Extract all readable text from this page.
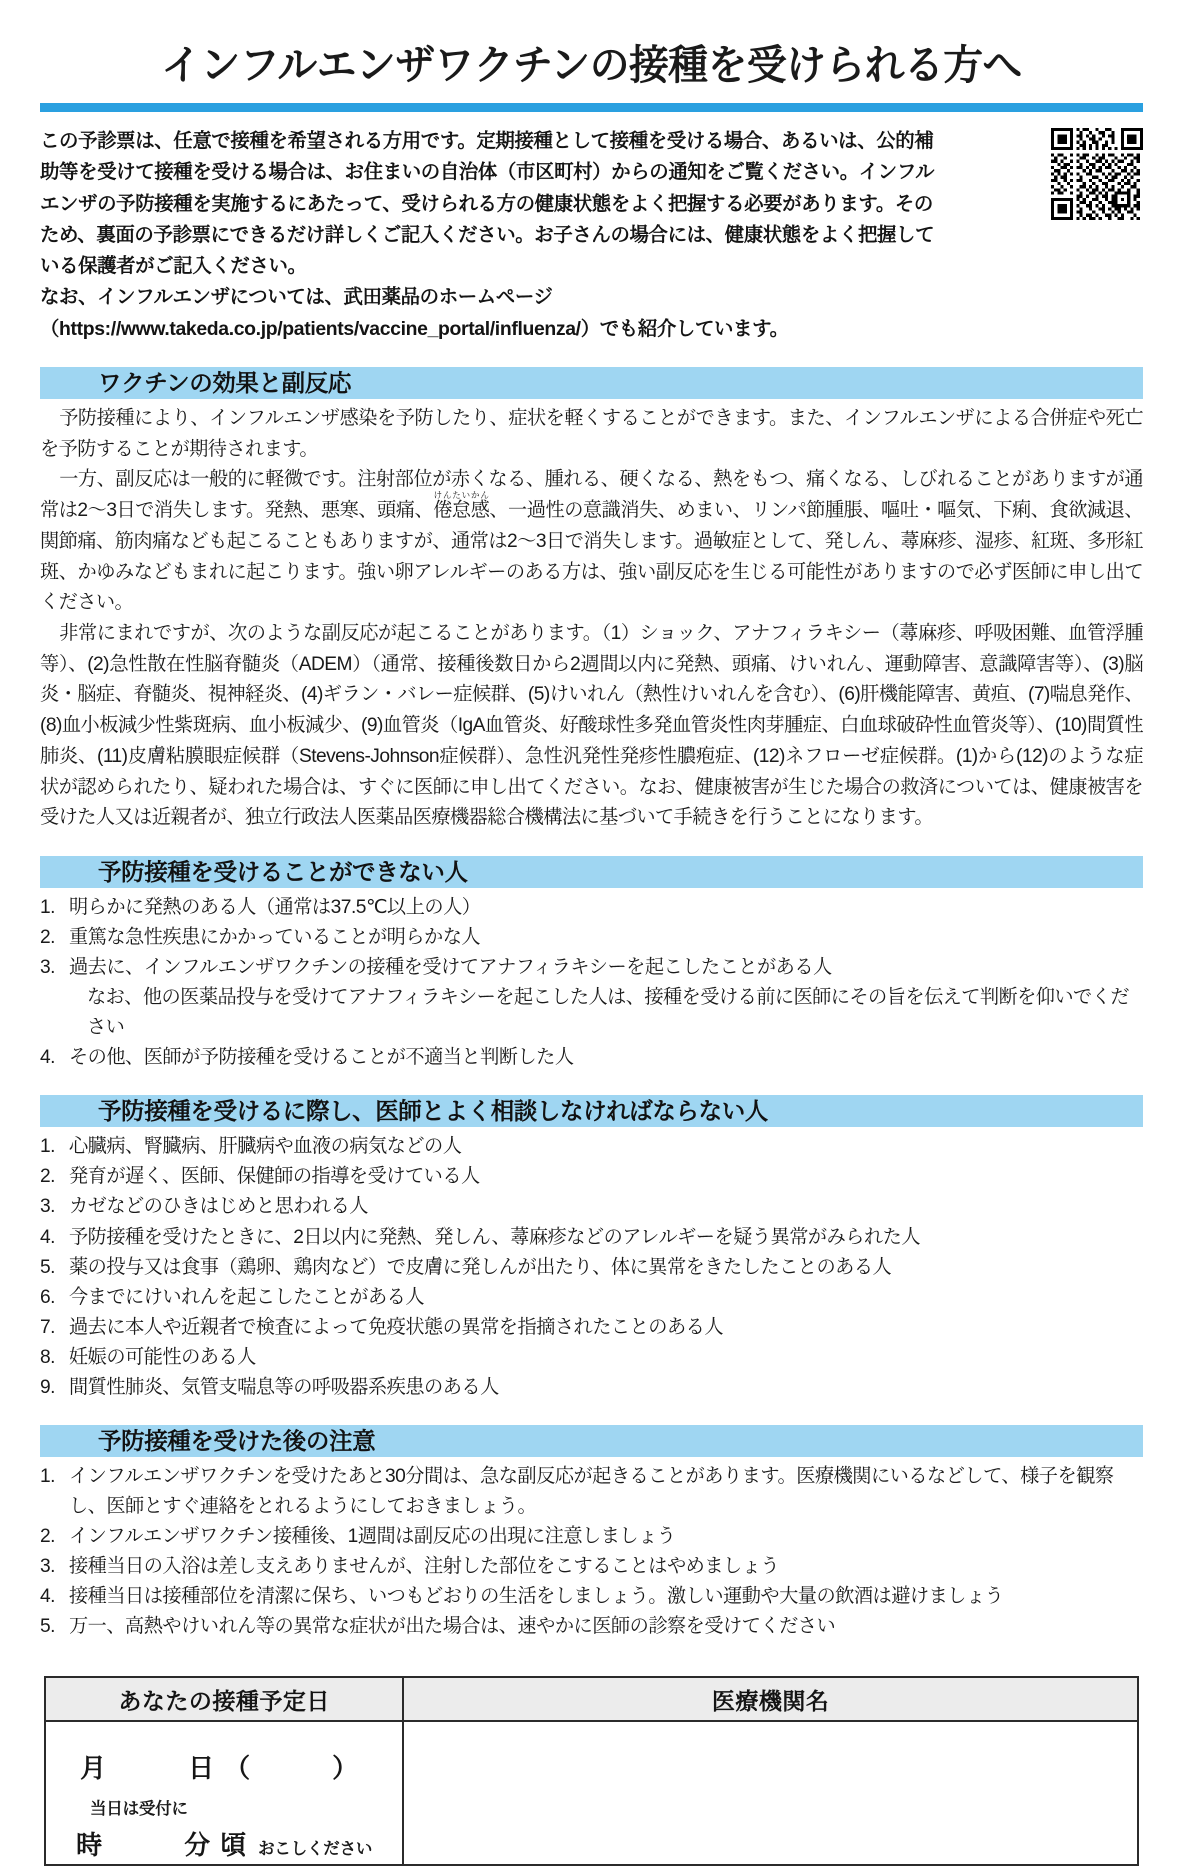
インフルエンザワクチンの接種を受けられる方へ

この予診票は、任意で接種を希望される方用です。定期接種として接種を受ける場合、あるいは、公的補助等を受けて接種を受ける場合は、お住まいの自治体（市区町村）からの通知をご覧ください。インフルエンザの予防接種を実施するにあたって、受けられる方の健康状態をよく把握する必要があります。そのため、裏面の予診票にできるだけ詳しくご記入ください。お子さんの場合には、健康状態をよく把握している保護者がご記入ください。

なお、インフルエンザについては、武田薬品のホームページ（https://www.takeda.co.jp/patients/vaccine_portal/influenza/）でも紹介しています。

ワクチンの効果と副反応

予防接種により、インフルエンザ感染を予防したり、症状を軽くすることができます。また、インフルエンザによる合併症や死亡を予防することが期待されます。

一方、副反応は一般的に軽微です。注射部位が赤くなる、腫れる、硬くなる、熱をもつ、痛くなる、しびれることがありますが通常は2〜3日で消失します。発熱、悪寒、頭痛、倦怠感けんたいかん、一過性の意識消失、めまい、リンパ節腫脹、嘔吐・嘔気、下痢、食欲減退、関節痛、筋肉痛なども起こることもありますが、通常は2〜3日で消失します。過敏症として、発しん、蕁麻疹、湿疹、紅斑、多形紅斑、かゆみなどもまれに起こります。強い卵アレルギーのある方は、強い副反応を生じる可能性がありますので必ず医師に申し出てください。

非常にまれですが、次のような副反応が起こることがあります。（1）ショック、アナフィラキシー（蕁麻疹、呼吸困難、血管浮腫等）、(2)急性散在性脳脊髄炎（ADEM）（通常、接種後数日から2週間以内に発熱、頭痛、けいれん、運動障害、意識障害等）、(3)脳炎・脳症、脊髄炎、視神経炎、(4)ギラン・バレー症候群、(5)けいれん（熱性けいれんを含む）、(6)肝機能障害、黄疸、(7)喘息発作、(8)血小板減少性紫斑病、血小板減少、(9)血管炎（IgA血管炎、好酸球性多発血管炎性肉芽腫症、白血球破砕性血管炎等）、(10)間質性肺炎、(11)皮膚粘膜眼症候群（Stevens-Johnson症候群）、急性汎発性発疹性膿疱症、(12)ネフローゼ症候群。(1)から(12)のような症状が認められたり、疑われた場合は、すぐに医師に申し出てください。なお、健康被害が生じた場合の救済については、健康被害を受けた人又は近親者が、独立行政法人医薬品医療機器総合機構法に基づいて手続きを行うことになります。

予防接種を受けることができない人
1. 明らかに発熱のある人（通常は37.5℃以上の人）
2. 重篤な急性疾患にかかっていることが明らかな人
3. 過去に、インフルエンザワクチンの接種を受けてアナフィラキシーを起こしたことがある人
なお、他の医薬品投与を受けてアナフィラキシーを起こした人は、接種を受ける前に医師にその旨を伝えて判断を仰いでください
4. その他、医師が予防接種を受けることが不適当と判断した人
予防接種を受けるに際し、医師とよく相談しなければならない人
1. 心臓病、腎臓病、肝臓病や血液の病気などの人
2. 発育が遅く、医師、保健師の指導を受けている人
3. カゼなどのひきはじめと思われる人
4. 予防接種を受けたときに、2日以内に発熱、発しん、蕁麻疹などのアレルギーを疑う異常がみられた人
5. 薬の投与又は食事（鶏卵、鶏肉など）で皮膚に発しんが出たり、体に異常をきたしたことのある人
6. 今までにけいれんを起こしたことがある人
7. 過去に本人や近親者で検査によって免疫状態の異常を指摘されたことのある人
8. 妊娠の可能性のある人
9. 間質性肺炎、気管支喘息等の呼吸器系疾患のある人
予防接種を受けた後の注意
1. インフルエンザワクチンを受けたあと30分間は、急な副反応が起きることがあります。医療機関にいるなどして、様子を観察し、医師とすぐ連絡をとれるようにしておきましょう。
2. インフルエンザワクチン接種後、1週間は副反応の出現に注意しましょう
3. 接種当日の入浴は差し支えありませんが、注射した部位をこすることはやめましょう
4. 接種当日は接種部位を清潔に保ち、いつもどおりの生活をしましょう。激しい運動や大量の飲酒は避けましょう
5. 万一、高熱やけいれん等の異常な症状が出た場合は、速やかに医師の診察を受けてください
あなたの接種予定日	医療機関名

月　　日（　　）
当日は受付に
時　　分頃 おこしください	
